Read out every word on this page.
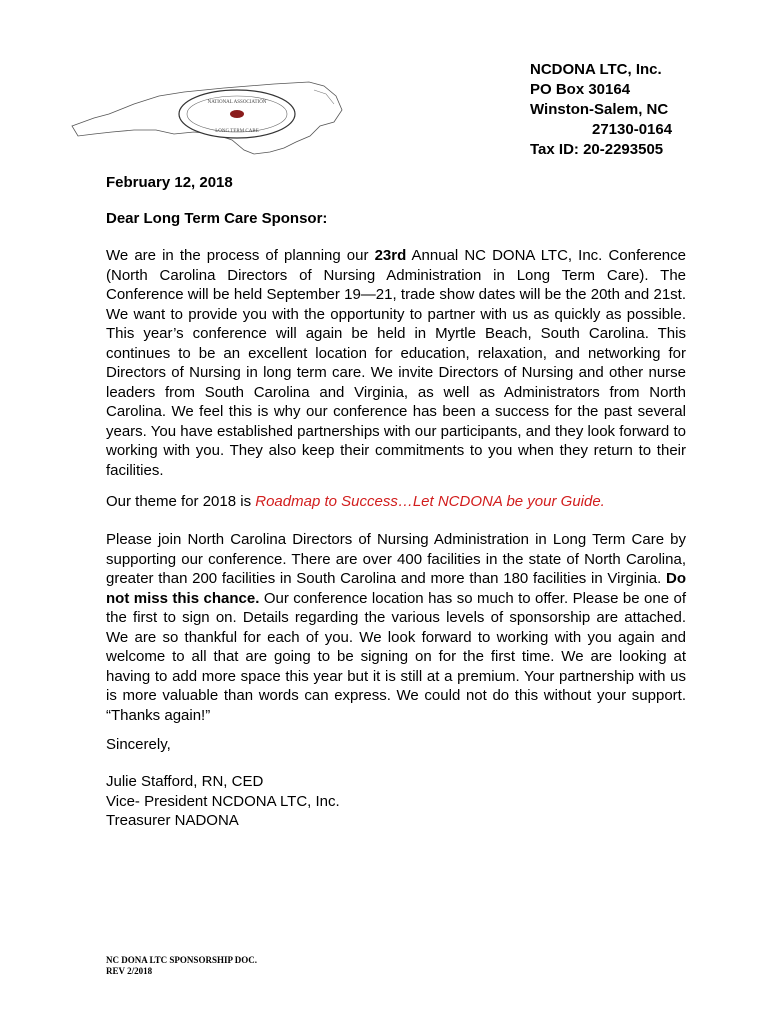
NATIONAL ASSOCIATION
LONG TERM CARE
NCDONA LTC, Inc.
PO Box 30164
Winston-Salem, NC
27130-0164
Tax ID: 20-2293505
February 12, 2018
Dear Long Term Care Sponsor:

We are in the process of planning our 23rd Annual NC DONA LTC, Inc. Conference (North Carolina Directors of Nursing Administration in Long Term Care). The Conference will be held September 19—21, trade show dates will be the 20th and 21st. We want to provide you with the opportunity to partner with us as quickly as possible. This year’s conference will again be held in Myrtle Beach, South Carolina. This continues to be an excellent location for education, relaxation, and networking for Directors of Nursing in long term care. We invite Directors of Nursing and other nurse leaders from South Carolina and Virginia, as well as Administrators from North Carolina. We feel this is why our conference has been a success for the past several years. You have established partnerships with our participants, and they look forward to working with you. They also keep their commitments to you when they return to their facilities.

Our theme for 2018 is Roadmap to Success…Let NCDONA be your Guide.

Please join North Carolina Directors of Nursing Administration in Long Term Care by supporting our conference. There are over 400 facilities in the state of North Carolina, greater than 200 facilities in South Carolina and more than 180 facilities in Virginia. Do not miss this chance. Our conference location has so much to offer. Please be one of the first to sign on. Details regarding the various levels of sponsorship are attached. We are so thankful for each of you. We look forward to working with you again and welcome to all that are going to be signing on for the first time. We are looking at having to add more space this year but it is still at a premium. Your partnership with us is more valuable than words can express. We could not do this without your support. “Thanks again!”

Sincerely,
Julie Stafford, RN, CED
Vice- President NCDONA LTC, Inc.
Treasurer NADONA
NC DONA LTC SPONSORSHIP DOC.
REV 2/2018
